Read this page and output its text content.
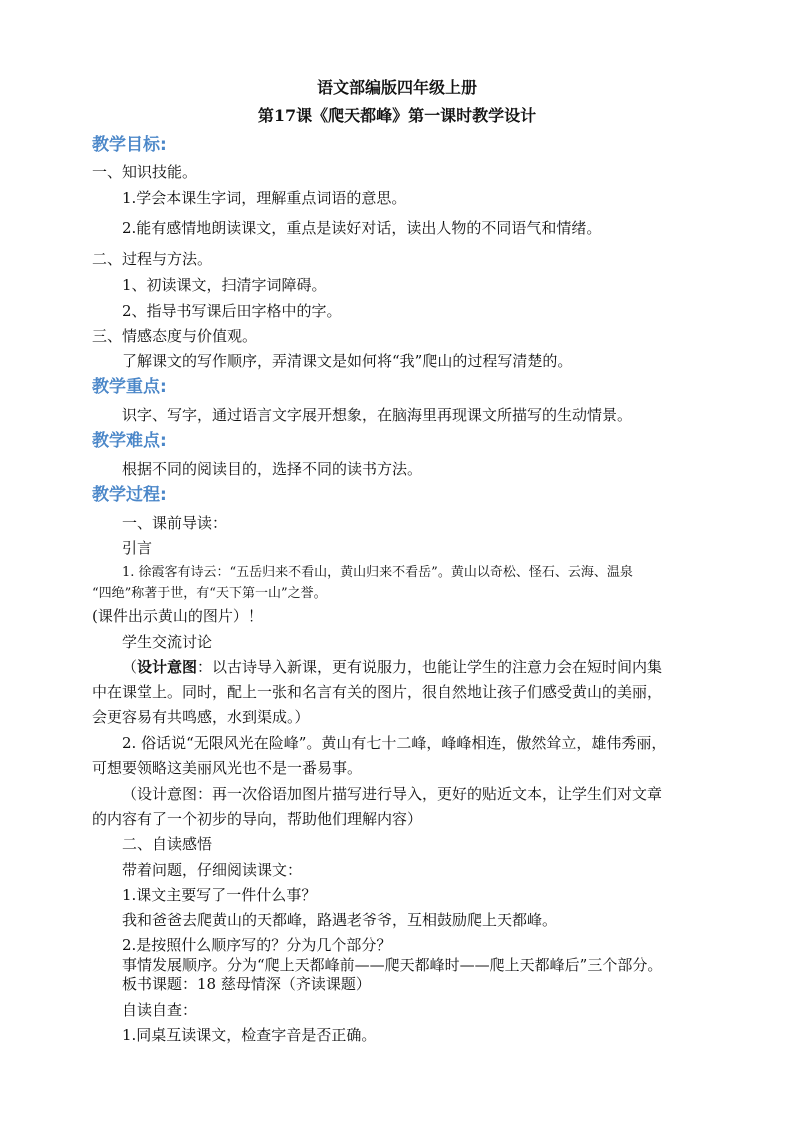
语文部编版四年级上册
第17课《爬天都峰》第一课时教学设计
教学目标:
一、知识技能。
1.学会本课生字词，理解重点词语的意思。
2.能有感情地朗读课文，重点是读好对话，读出人物的不同语气和情绪。
二、过程与方法。
1、初读课文，扫清字词障碍。
2、指导书写课后田字格中的字。
三、情感态度与价值观。
了解课文的写作顺序，弄清课文是如何将“我”爬山的过程写清楚的。
教学重点:
识字、写字，通过语言文字展开想象，在脑海里再现课文所描写的生动情景。
教学难点:
根据不同的阅读目的，选择不同的读书方法。
教学过程:
一、课前导读：
引言
1. 徐霞客有诗云：“五岳归来不看山，黄山归来不看岳”。黄山以奇松、怪石、云海、温泉
“四绝”称著于世，有“天下第一山”之誉。
(课件出示黄山的图片）！
学生交流讨论
（设计意图：以古诗导入新课，更有说服力，也能让学生的注意力会在短时间内集
中在课堂上。同时，配上一张和名言有关的图片，很自然地让孩子们感受黄山的美丽，
会更容易有共鸣感，水到渠成。）
2. 俗话说“无限风光在险峰”。黄山有七十二峰，峰峰相连，傲然耸立，雄伟秀丽，
可想要领略这美丽风光也不是一番易事。
（设计意图：再一次俗语加图片描写进行导入，更好的贴近文本，让学生们对文章
的内容有了一个初步的导向，帮助他们理解内容）
二、自读感悟
带着问题，仔细阅读课文：
1.课文主要写了一件什么事？
我和爸爸去爬黄山的天都峰，路遇老爷爷，互相鼓励爬上天都峰。
2.是按照什么顺序写的？分为几个部分？
事情发展顺序。分为“爬上天都峰前——爬天都峰时——爬上天都峰后”三个部分。
板书课题：18 慈母情深（齐读课题）
自读自查：
1.同桌互读课文，检查字音是否正确。
